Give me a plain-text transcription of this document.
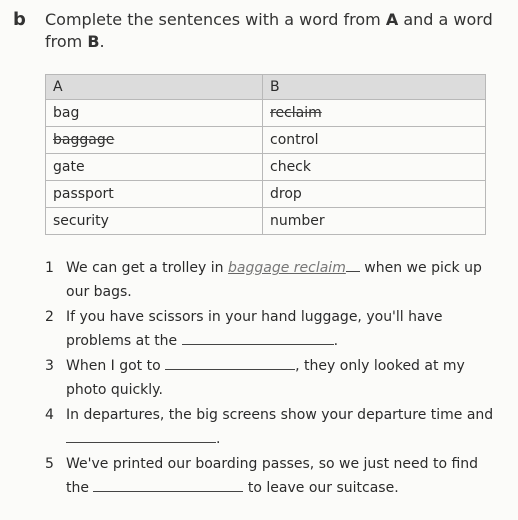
b Complete the sentences with a word from A and a word from B.
A	B
bag	reclaim
baggage	control
gate	check
passport	drop
security	number
1 We can get a trolley in baggage reclaim when we pick up our bags.
2 If you have scissors in your hand luggage, you'll have problems at the	.
3 When I got to	, they only looked at my photo quickly.
4 In departures, the big screens show your departure time and .
5 We've printed our boarding passes, so we just need to find the	to leave our suitcase.
